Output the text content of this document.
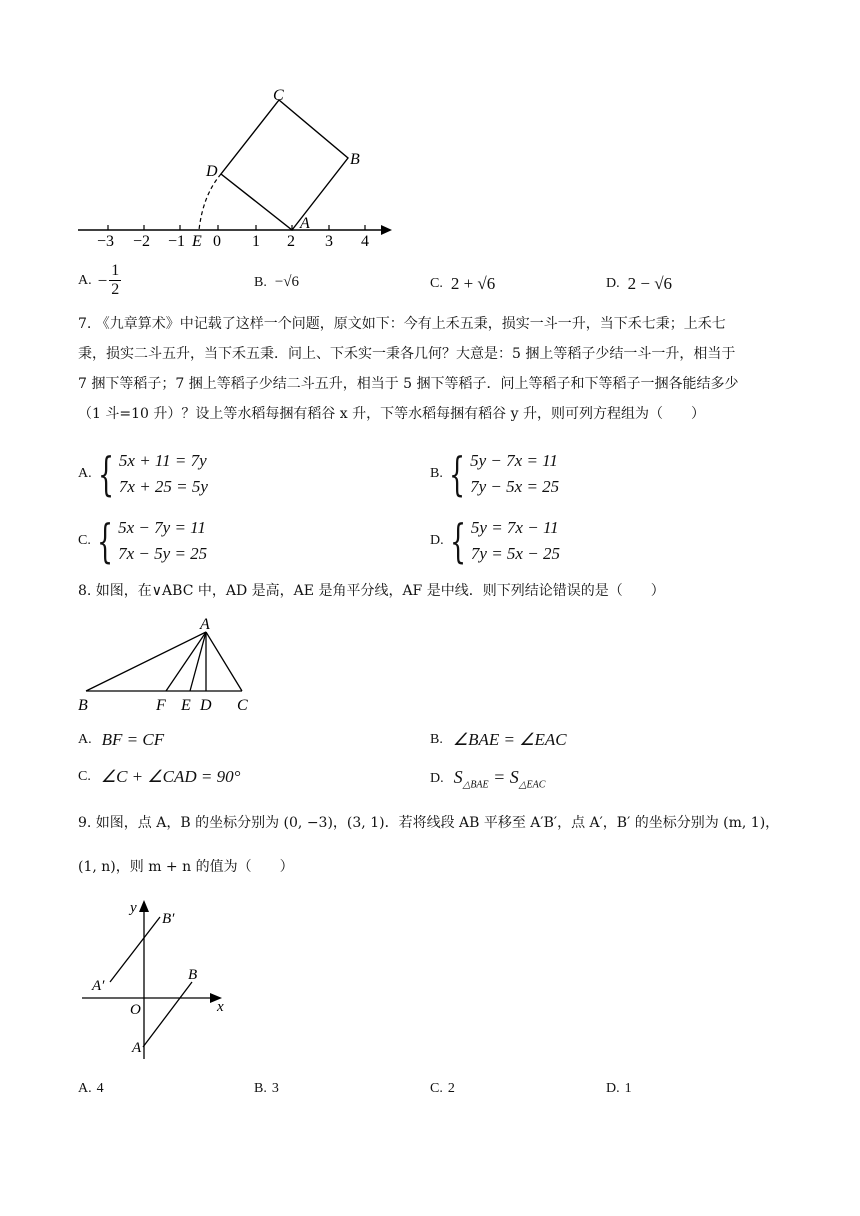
C
B
D
A
E
−3 −2 −1 0 1 2 3 4
A. − $\frac{1}{2}$	B. −√6	C. 2 + √6	D. 2 − √6
7. 《九章算术》中记载了这样一个问题，原文如下：今有上禾五秉，损实一斗一升，当下禾七秉；上禾七
秉，损实二斗五升，当下禾五秉．问上、下禾实一秉各几何？大意是：5 捆上等稻子少结一斗一升，相当于
7 捆下等稻子；7 捆上等稻子少结二斗五升，相当于 5 捆下等稻子．问上等稻子和下等稻子一捆各能结多少
（1 斗=10 升）？设上等水稻每捆有稻谷 x 升，下等水稻每捆有稻谷 y 升，则可列方程组为（　　）
A. { 5x + 11 = 7y
7x + 25 = 5y
B. { 5y − 7x = 11
7y − 5x = 25
C. { 5x − 7y = 11
7x − 5y = 25
D. { 5y = 7x − 11
7y = 5x − 25
8. 如图，在∨ABC 中，AD 是高，AE 是角平分线，AF 是中线．则下列结论错误的是（　　）
A
B	F E D C
A. BF = CF	B. ∠BAE = ∠EAC
C. ∠C + ∠CAD = 90°	D. $S_{\triangle BAE} = S_{\triangle EAC}$
9. 如图，点 A，B 的坐标分别为 (0, −3)，(3, 1)．若将线段 AB 平移至 A′B′，点 A′，B′ 的坐标分别为 (m, 1)，
(1, n)，则 m + n 的值为（　　）
y
B′
B
A′
O	x
A
A. 4	B. 3	C. 2	D. 1
